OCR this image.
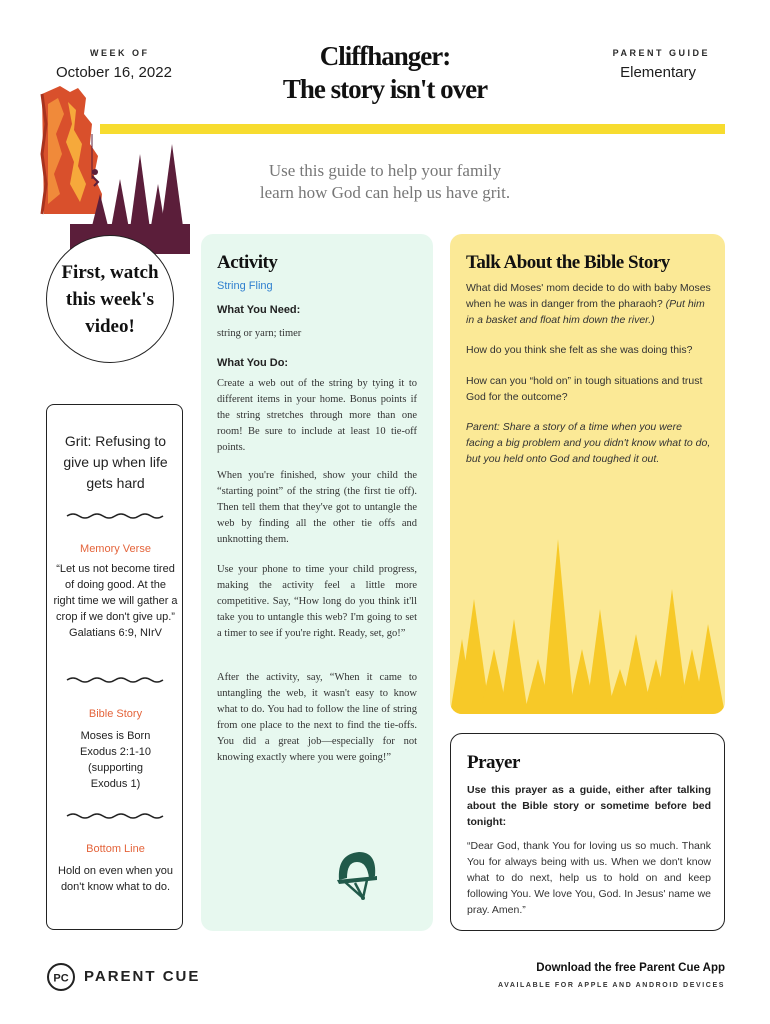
WEEK OF
October 16, 2022
Cliffhanger:
The story isn't over
PARENT GUIDE
Elementary
Use this guide to help your family
learn how God can help us have grit.
First, watch
this week's
video!
Grit: Refusing to give up when life gets hard
Memory Verse
“Let us not become tired of doing good. At the right time we will gather a crop if we don't give up.”
Galatians 6:9, NIrV
Bible Story
Moses is Born
Exodus 2:1-10
(supporting
Exodus 1)
Bottom Line
Hold on even when you don't know what to do.
Activity
String Fling
What You Need:
string or yarn; timer
What You Do:
Create a web out of the string by tying it to different items in your home. Bonus points if the string stretches through more than one room! Be sure to include at least 10 tie-off points.
When you're finished, show your child the “starting point” of the string (the first tie off). Then tell them that they've got to untangle the web by finding all the other tie offs and unknotting them.
Use your phone to time your child progress, making the activity feel a little more competitive. Say, “How long do you think it'll take you to untangle this web? I'm going to set a timer to see if you're right. Ready, set, go!”
After the activity, say, “When it came to untangling the web, it wasn't easy to know what to do. You had to follow the line of string from one place to the next to find the tie-offs. You did a great job—especially for not knowing exactly where you were going!”
Talk About the Bible Story
What did Moses' mom decide to do with baby Moses when he was in danger from the pharaoh? (Put him in a basket and float him down the river.)
How do you think she felt as she was doing this?
How can you “hold on” in tough situations and trust God for the outcome?
Parent: Share a story of a time when you were facing a big problem and you didn't know what to do, but you held onto God and toughed it out.
Prayer
Use this prayer as a guide, either after talking about the Bible story or sometime before bed tonight:
“Dear God, thank You for loving us so much. Thank You for always being with us. When we don't know what to do next, help us to hold on and keep following You. We love You, God. In Jesus' name we pray. Amen.”
PC PARENT CUE	Download the free Parent Cue App
AVAILABLE FOR APPLE AND ANDROID DEVICES
